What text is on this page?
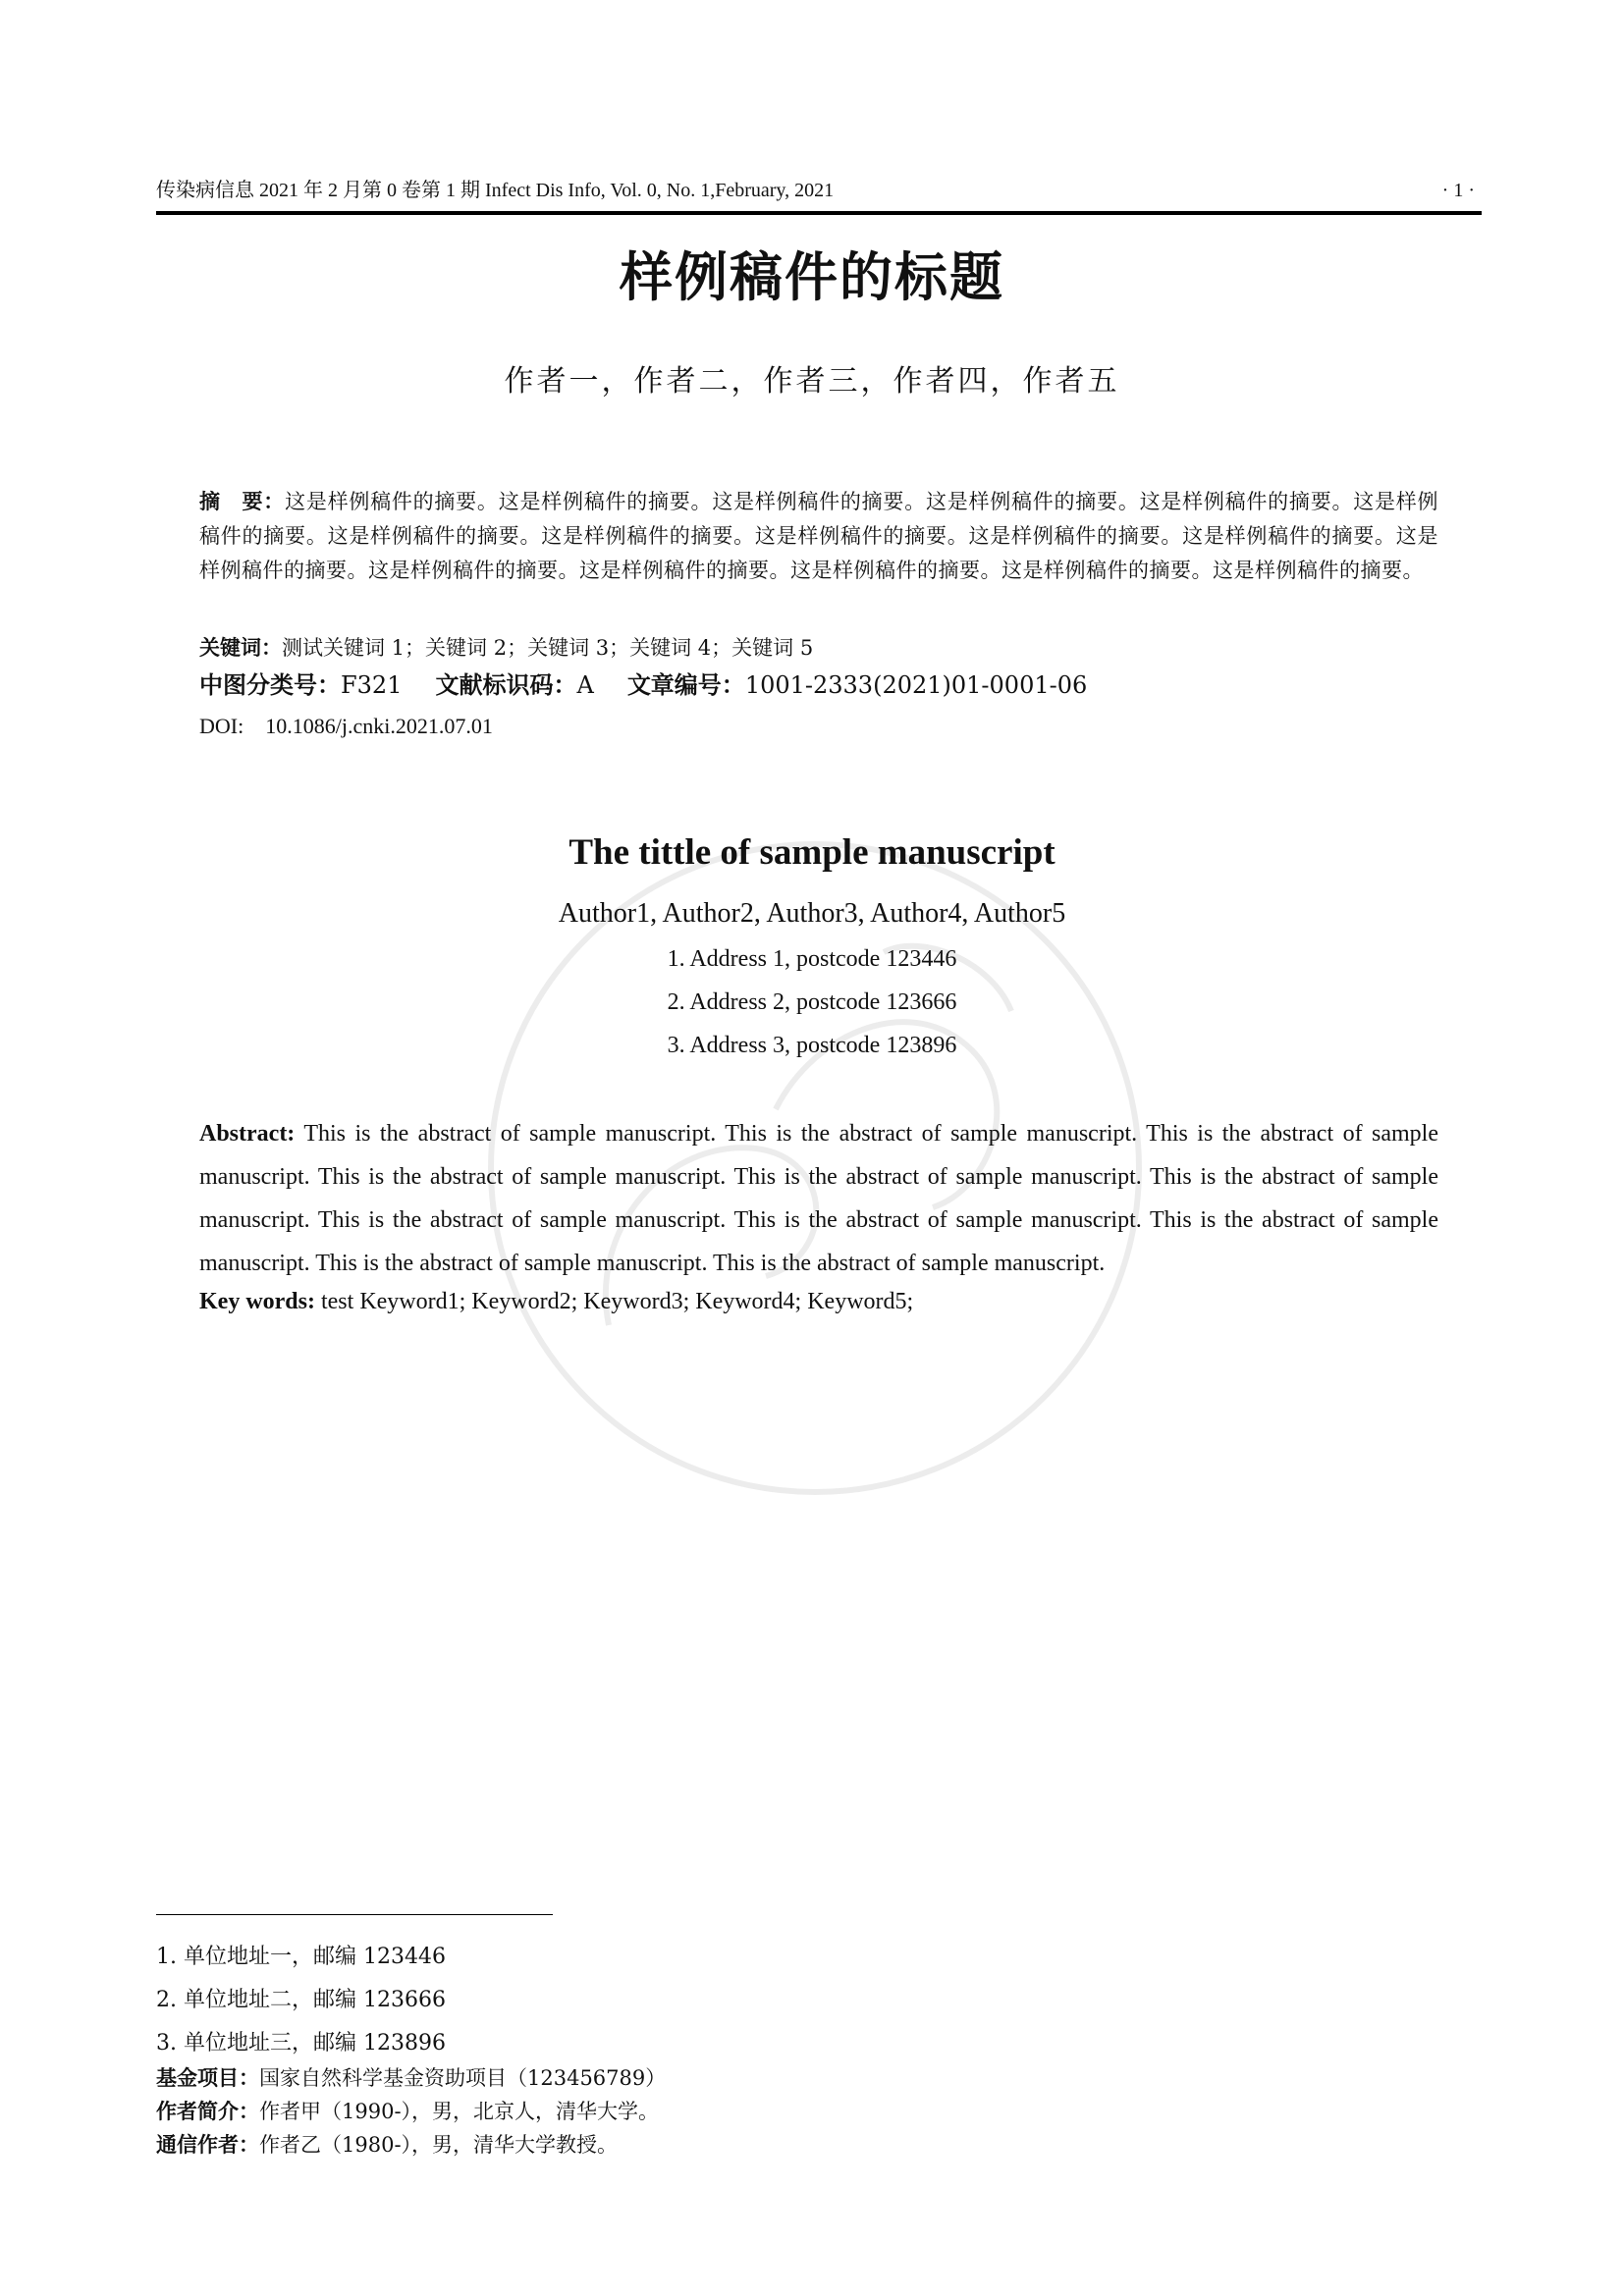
传染病信息 2021 年 2 月第 0 卷第 1 期 Infect Dis Info, Vol. 0, No. 1,February, 2021	· 1 ·
样例稿件的标题
作者一，作者二，作者三，作者四，作者五
摘　要：这是样例稿件的摘要。这是样例稿件的摘要。这是样例稿件的摘要。这是样例稿件的摘要。这是样例稿件的摘要。这是样例稿件的摘要。这是样例稿件的摘要。这是样例稿件的摘要。这是样例稿件的摘要。这是样例稿件的摘要。这是样例稿件的摘要。这是样例稿件的摘要。这是样例稿件的摘要。这是样例稿件的摘要。这是样例稿件的摘要。这是样例稿件的摘要。这是样例稿件的摘要。
关键词：测试关键词 1；关键词 2；关键词 3；关键词 4；关键词 5
中图分类号：F321 文献标识码：A 文章编号：1001-2333(2021)01-0001-06
DOI: 10.1086/j.cnki.2021.07.01
The tittle of sample manuscript
Author1, Author2, Author3, Author4, Author5
1. Address 1, postcode 123446
2. Address 2, postcode 123666
3. Address 3, postcode 123896
Abstract: This is the abstract of sample manuscript. This is the abstract of sample manuscript. This is the abstract of sample manuscript. This is the abstract of sample manuscript. This is the abstract of sample manuscript. This is the abstract of sample manuscript. This is the abstract of sample manuscript. This is the abstract of sample manuscript. This is the abstract of sample manuscript. This is the abstract of sample manuscript. This is the abstract of sample manuscript.
Key words: test Keyword1; Keyword2; Keyword3; Keyword4; Keyword5;
1. 单位地址一，邮编 123446
2. 单位地址二，邮编 123666
3. 单位地址三，邮编 123896
基金项目：国家自然科学基金资助项目（123456789）
作者简介：作者甲（1990-），男，北京人，清华大学。
通信作者：作者乙（1980-），男，清华大学教授。
